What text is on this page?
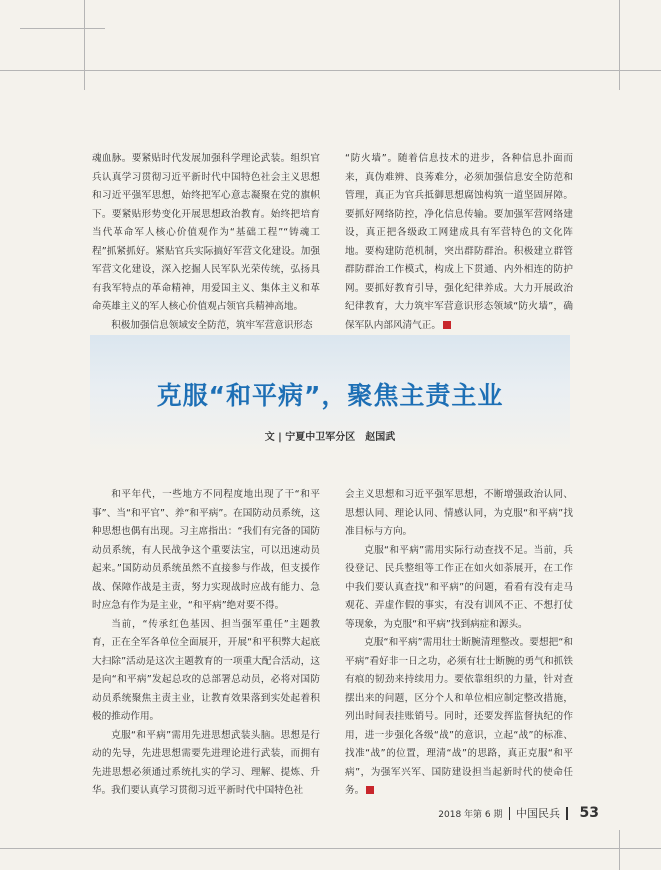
魂血脉。要紧贴时代发展加强科学理论武装。组织官兵认真学习贯彻习近平新时代中国特色社会主义思想和习近平强军思想，始终把军心意志凝聚在党的旗帜下。要紧贴形势变化开展思想政治教育。始终把培育当代革命军人核心价值观作为“基础工程”“铸魂工程”抓紧抓好。紧贴官兵实际搞好军营文化建设。加强军营文化建设，深入挖掘人民军队光荣传统，弘扬具有我军特点的革命精神，用爱国主义、集体主义和革命英雄主义的军人核心价值观占领官兵精神高地。

积极加强信息领域安全防范，筑牢军营意识形态

“防火墙”。随着信息技术的进步，各种信息扑面而来，真伪难辨、良莠难分，必须加强信息安全防范和管理，真正为官兵抵御思想腐蚀构筑一道坚固屏障。要抓好网络防控，净化信息传输。要加强军营网络建设，真正把各级政工网建成具有军营特色的文化阵地。要构建防范机制，突出群防群治。积极建立群管群防群治工作模式，构成上下贯通、内外相连的防护网。要抓好教育引导，强化纪律养成。大力开展政治纪律教育，大力筑牢军营意识形态领域“防火墙”，确保军队内部风清气正。

克服“和平病”，聚焦主责主业
文 | 宁夏中卫军分区　赵国武

和平年代，一些地方不同程度地出现了干“和平事”、当“和平官”、养“和平病”。在国防动员系统，这种思想也偶有出现。习主席指出：“我们有完备的国防动员系统，有人民战争这个重要法宝，可以迅速动员起来。”国防动员系统虽然不直接参与作战，但支援作战、保障作战是主责，努力实现战时应战有能力、急时应急有作为是主业，“和平病”绝对要不得。

当前，“传承红色基因、担当强军重任”主题教育，正在全军各单位全面展开，开展“和平积弊大起底大扫除”活动是这次主题教育的一项重大配合活动，这是向“和平病”发起总攻的总部署总动员，必将对国防动员系统聚焦主责主业，让教育效果落到实处起着积极的推动作用。

克服“和平病”需用先进思想武装头脑。思想是行动的先导，先进思想需要先进理论进行武装，而拥有先进思想必须通过系统扎实的学习、理解、提炼、升华。我们要认真学习贯彻习近平新时代中国特色社

会主义思想和习近平强军思想，不断增强政治认同、思想认同、理论认同、情感认同，为克服“和平病”找准目标与方向。

克服“和平病”需用实际行动查找不足。当前，兵役登记、民兵整组等工作正在如火如荼展开，在工作中我们要认真查找“和平病”的问题，看看有没有走马观花、弄虚作假的事实，有没有训风不正、不想打仗等现象，为克服“和平病”找到病症和源头。

克服“和平病”需用壮士断腕清理整改。要想把“和平病”看好非一日之功，必须有壮士断腕的勇气和抓铁有痕的韧劲来持续用力。要依靠组织的力量，针对查摆出来的问题，区分个人和单位相应制定整改措施，列出时间表挂账销号。同时，还要发挥监督执纪的作用，进一步强化各级“战”的意识，立起“战”的标准、找准“战”的位置，理清“战”的思路，真正克服“和平病”，为强军兴军、国防建设担当起新时代的使命任务。

2018 年第 6 期 中国民兵 53
